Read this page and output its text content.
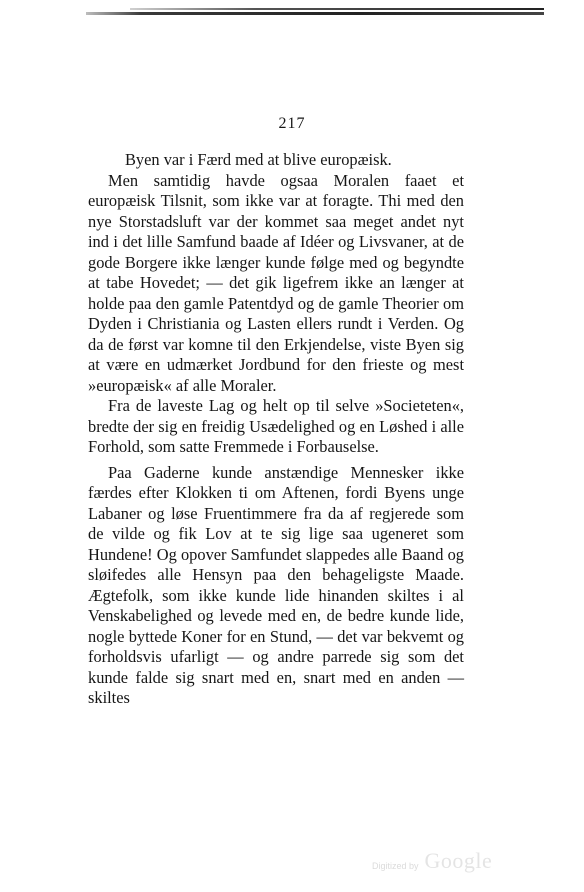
217

Byen var i Færd med at blive europæisk.

Men samtidig havde ogsaa Moralen faaet et europæisk Tilsnit, som ikke var at foragte. Thi med den nye Storstadsluft var der kommet saa meget andet nyt ind i det lille Samfund baade af Idéer og Livsvaner, at de gode Borgere ikke længer kunde følge med og begyndte at tabe Hovedet; — det gik ligefrem ikke an længer at holde paa den gamle Patentdyd og de gamle Theorier om Dyden i Christiania og Lasten ellers rundt i Verden. Og da de først var komne til den Erkjendelse, viste Byen sig at være en udmærket Jordbund for den frieste og mest »europæisk« af alle Moraler.

Fra de laveste Lag og helt op til selve »Societeten«, bredte der sig en freidig Usædelighed og en Løshed i alle Forhold, som satte Fremmede i Forbauselse.

Paa Gaderne kunde anstændige Mennesker ikke færdes efter Klokken ti om Aftenen, fordi Byens unge Labaner og løse Fruentimmere fra da af regjerede som de vilde og fik Lov at te sig lige saa ugeneret som Hundene! Og opover Samfundet slappedes alle Baand og sløifedes alle Hensyn paa den behageligste Maade. Ægtefolk, som ikke kunde lide hinanden skiltes i al Venskabelighed og levede med en, de bedre kunde lide, nogle byttede Koner for en Stund, — det var bekvemt og forholdsvis ufarligt — og andre parrede sig som det kunde falde sig snart med en, snart med en anden — skiltes

Digitized by Google
